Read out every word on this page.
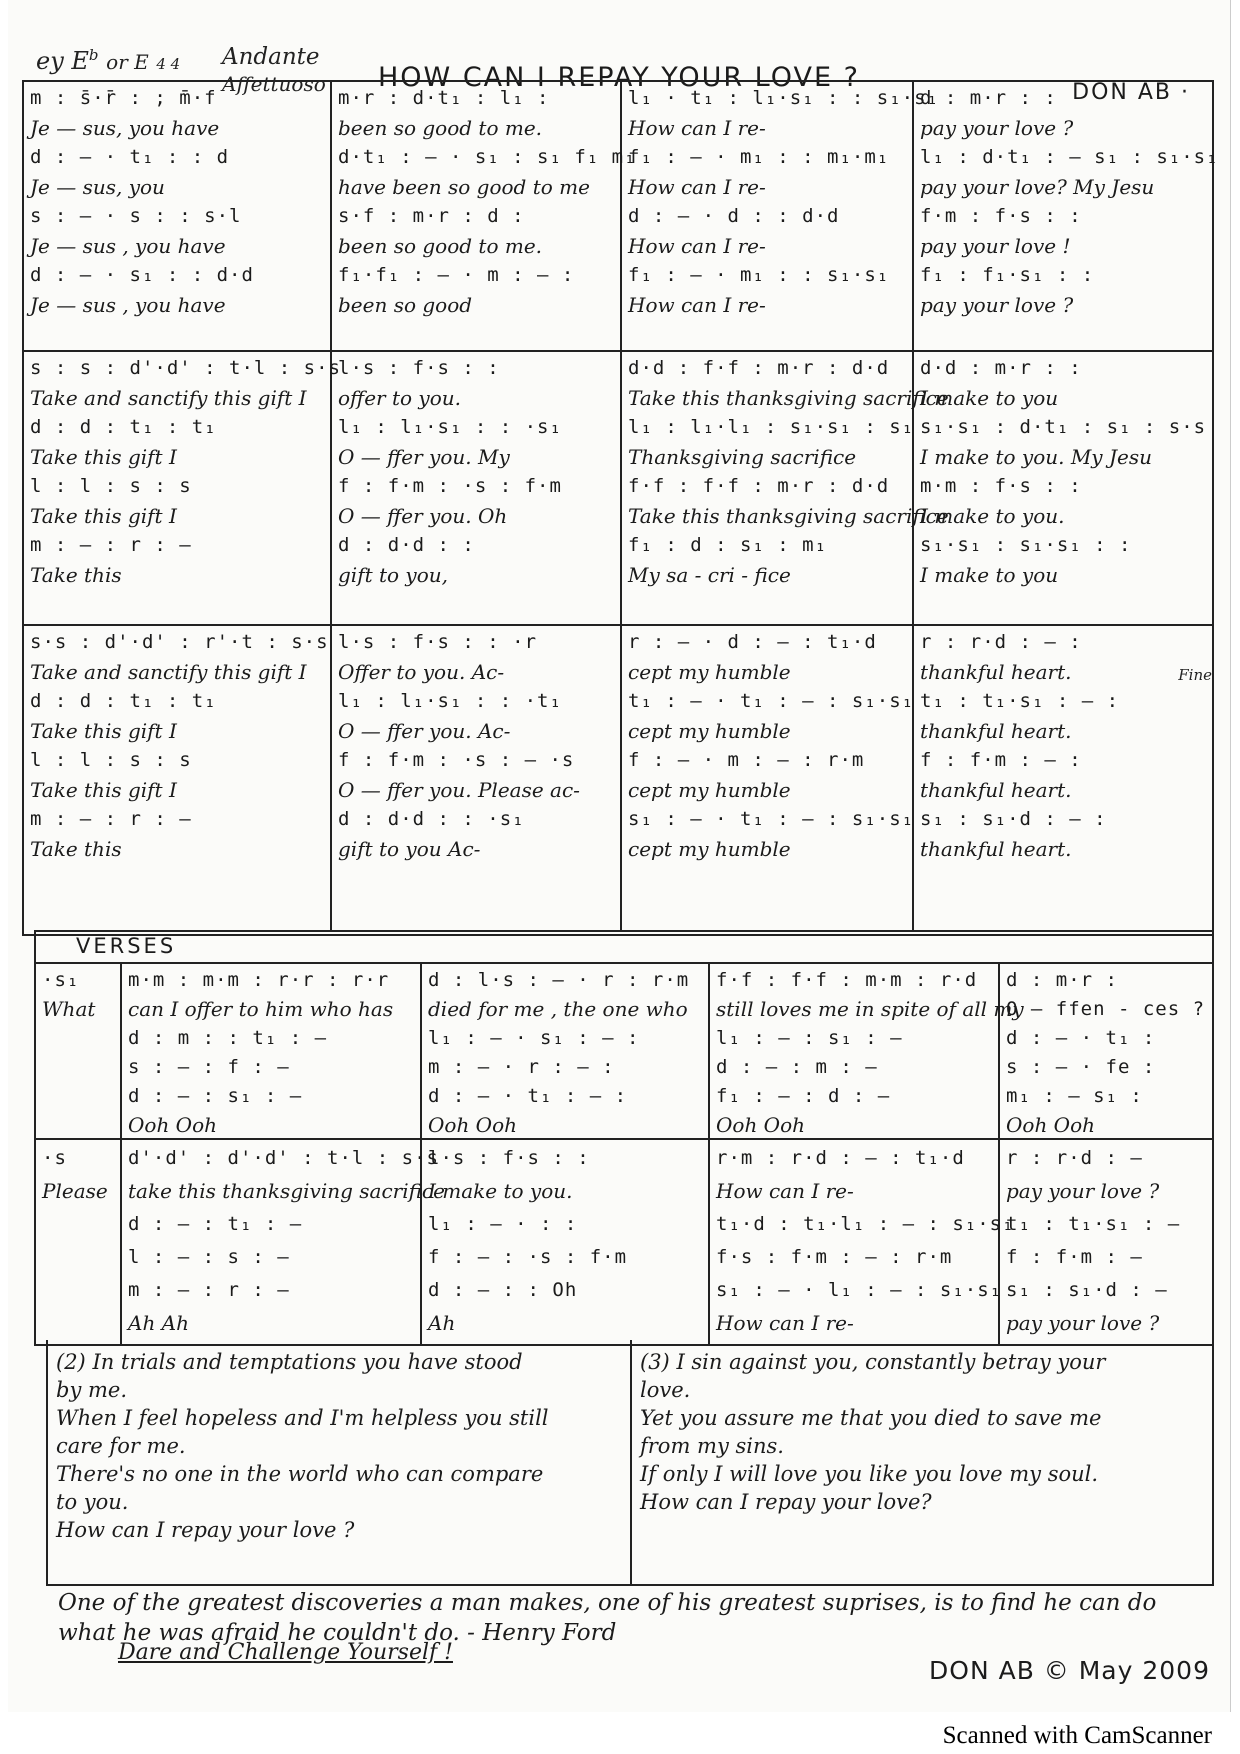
ey $E^b$ or E 4 4 Andante
Affettuoso HOW CAN I REPAY YOUR LOVE ?	DON AB ·
m : s̄·r̄ : ; m̄·f
Je — sus, you have
d : — · t₁ : : d
Je — sus, you
s : — · s : : s·l
Je — sus , you have
d : — · s₁ : : d·d
Je — sus , you have
m·r : d·t₁ : l₁ :
been so good to me.
d·t₁ : — · s₁ : s₁ f₁ m₁
have been so good to me
s·f : m·r : d :
been so good to me.
f₁·f₁ : — · m : — :
been so good
l₁ · t₁ : l₁·s₁ : : s₁·s₁
How can I re-
f₁ : — · m₁ : : m₁·m₁
How can I re-
d : — · d : : d·d
How can I re-
f₁ : — · m₁ : : s₁·s₁
How can I re-
d : m·r : :
pay your love ?
l₁ : d·t₁ : — s₁ : s₁·s₁
pay your love? My Jesu
f·m : f·s : :
pay your love !
f₁ : f₁·s₁ : :
pay your love ?
s : s : d'·d' : t·l : s·s
Take and sanctify this gift I
d : d : t₁ : t₁
Take this gift I
l : l : s : s
Take this gift I
m : — : r : —
Take this
l·s : f·s : :
offer to you.
l₁ : l₁·s₁ : : ·s₁
O — ffer you. My
f : f·m : ·s : f·m
O — ffer you. Oh
d : d·d : :
gift to you,
d·d : f·f : m·r : d·d
Take this thanksgiving sacrifice
l₁ : l₁·l₁ : s₁·s₁ : s₁
Thanksgiving sacrifice
f·f : f·f : m·r : d·d
Take this thanksgiving sacrifice
f₁ : d : s₁ : m₁
My sa - cri - fice
d·d : m·r : :
I make to you
s₁·s₁ : d·t₁ : s₁ : s·s
I make to you. My Jesu
m·m : f·s : :
I make to you.
s₁·s₁ : s₁·s₁ : :
I make to you
s·s : d'·d' : r'·t : s·s
Take and sanctify this gift I
d : d : t₁ : t₁
Take this gift I
l : l : s : s
Take this gift I
m : — : r : —
Take this
l·s : f·s : : ·r
Offer to you. Ac-
l₁ : l₁·s₁ : : ·t₁
O — ffer you. Ac-
f : f·m : ·s : — ·s
O — ffer you. Please ac-
d : d·d : : ·s₁
gift to you Ac-
r : — · d : — : t₁·d
cept my humble
t₁ : — · t₁ : — : s₁·s₁
cept my humble
f : — · m : — : r·m
cept my humble
s₁ : — · t₁ : — : s₁·s₁
cept my humble
r : r·d : — :
thankful heart.
t₁ : t₁·s₁ : — :
thankful heart.
f : f·m : — :
thankful heart.
s₁ : s₁·d : — :
thankful heart.
Fine
VERSES
·s₁
What
m·m : m·m : r·r : r·r
can I offer to him who has
d : m : : t₁ : —
s : — : f : —
d : — : s₁ : —
Ooh Ooh
d : l·s : — · r : r·m
died for me , the one who
l₁ : — · s₁ : — :
m : — · r : — :
d : — · t₁ : — :
Ooh Ooh
f·f : f·f : m·m : r·d
still loves me in spite of all my
l₁ : — : s₁ : —
d : — : m : —
f₁ : — : d : —
Ooh Ooh
d : m·r :
O — ffen - ces ?
d : — · t₁ :
s : — · fe :
m₁ : — s₁ :
Ooh Ooh
·s
Please
d'·d' : d'·d' : t·l : s·s
take this thanksgiving sacrifice
d : — : t₁ : —
l : — : s : —
m : — : r : —
Ah Ah
l·s : f·s : :
I make to you.
l₁ : — · : :
f : — : ·s : f·m
d : — : : Oh
Ah
r·m : r·d : — : t₁·d
How can I re-
t₁·d : t₁·l₁ : — : s₁·s₁
f·s : f·m : — : r·m
s₁ : — · l₁ : — : s₁·s₁
How can I re-
r : r·d : —
pay your love ?
t₁ : t₁·s₁ : —
f : f·m : —
s₁ : s₁·d : —
pay your love ?
(2) In trials and temptations you have stood
by me.
When I feel hopeless and I'm helpless you still
care for me.
There's no one in the world who can compare
to you.
How can I repay your love ?
(3) I sin against you, constantly betray your
love.
Yet you assure me that you died to save me
from my sins.
If only I will love you like you love my soul.
How can I repay your love?
One of the greatest discoveries a man makes, one of his greatest suprises, is to find he can do what he was afraid he couldn't do. - Henry Ford
Dare and Challenge Yourself !
DON AB © May 2009
Scanned with CamScanner
